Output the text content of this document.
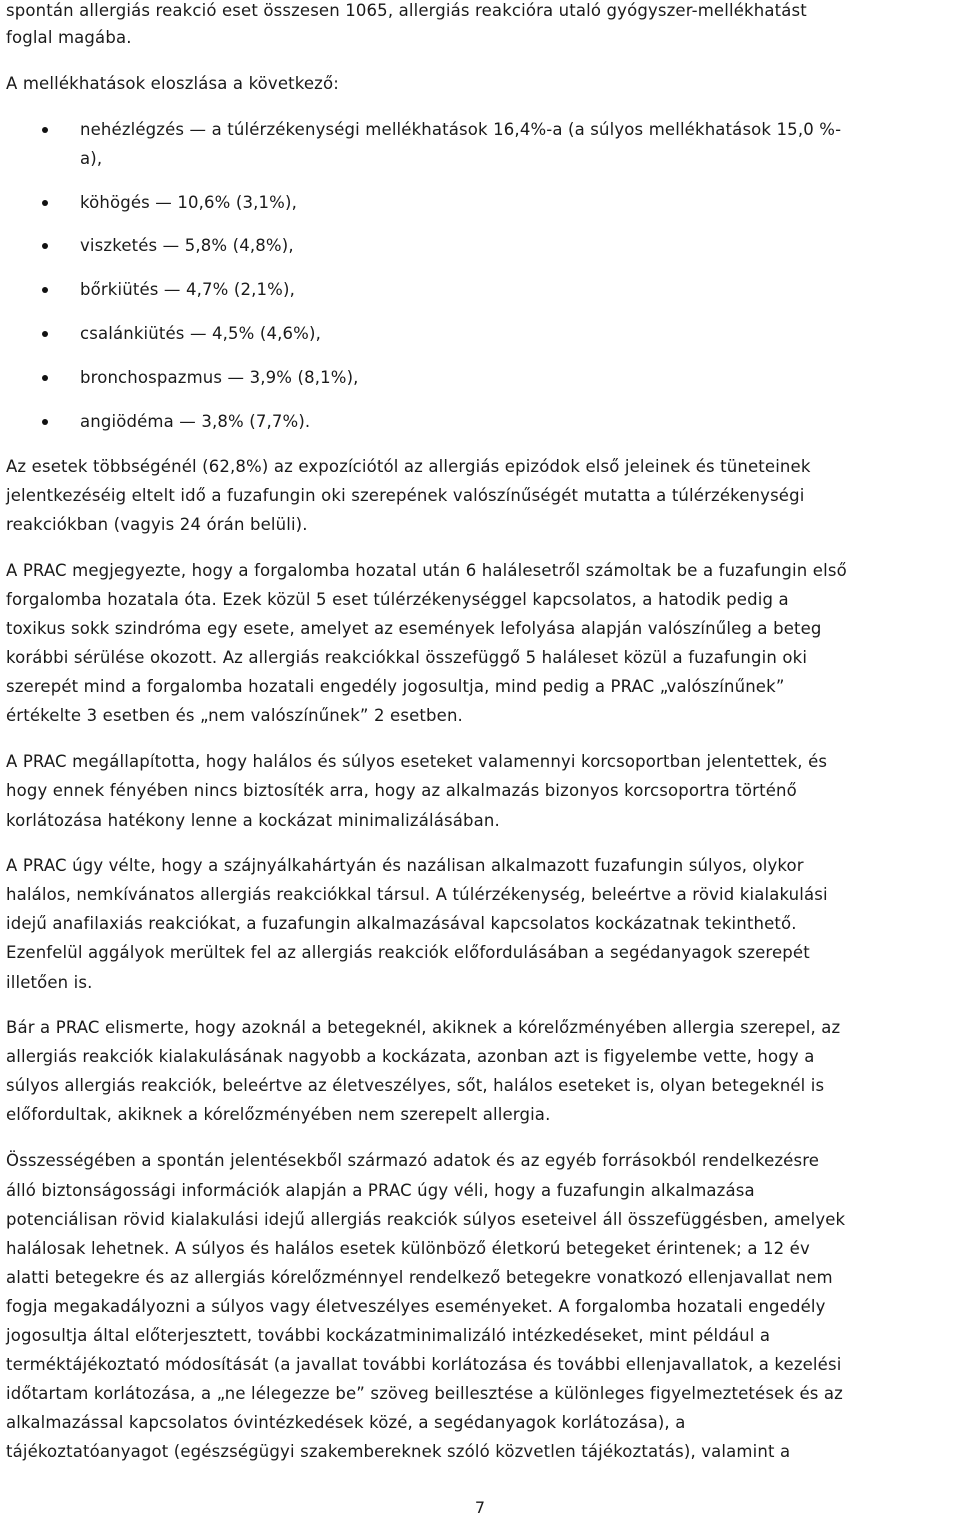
spontán allergiás reakció eset összesen 1065, allergiás reakcióra utaló gyógyszer-mellékhatást
foglal magába.
A mellékhatások eloszlása a következő:
nehézlégzés — a túlérzékenységi mellékhatások 16,4%-a (a súlyos mellékhatások 15,0 %-
a),
köhögés — 10,6% (3,1%),
viszketés — 5,8% (4,8%),
bőrkiütés — 4,7% (2,1%),
csalánkiütés — 4,5% (4,6%),
bronchospazmus — 3,9% (8,1%),
angiödéma — 3,8% (7,7%).
Az esetek többségénél (62,8%) az expozíciótól az allergiás epizódok első jeleinek és tüneteinek
jelentkezéséig eltelt idő a fuzafungin oki szerepének valószínűségét mutatta a túlérzékenységi
reakciókban (vagyis 24 órán belüli).
A PRAC megjegyezte, hogy a forgalomba hozatal után 6 halálesetről számoltak be a fuzafungin első
forgalomba hozatala óta. Ezek közül 5 eset túlérzékenységgel kapcsolatos, a hatodik pedig a
toxikus sokk szindróma egy esete, amelyet az események lefolyása alapján valószínűleg a beteg
korábbi sérülése okozott. Az allergiás reakciókkal összefüggő 5 haláleset közül a fuzafungin oki
szerepét mind a forgalomba hozatali engedély jogosultja, mind pedig a PRAC „valószínűnek”
értékelte 3 esetben és „nem valószínűnek” 2 esetben.
A PRAC megállapította, hogy halálos és súlyos eseteket valamennyi korcsoportban jelentettek, és
hogy ennek fényében nincs biztosíték arra, hogy az alkalmazás bizonyos korcsoportra történő
korlátozása hatékony lenne a kockázat minimalizálásában.
A PRAC úgy vélte, hogy a szájnyálkahártyán és nazálisan alkalmazott fuzafungin súlyos, olykor
halálos, nemkívánatos allergiás reakciókkal társul. A túlérzékenység, beleértve a rövid kialakulási
idejű anafilaxiás reakciókat, a fuzafungin alkalmazásával kapcsolatos kockázatnak tekinthető.
Ezenfelül aggályok merültek fel az allergiás reakciók előfordulásában a segédanyagok szerepét
illetően is.
Bár a PRAC elismerte, hogy azoknál a betegeknél, akiknek a kórelőzményében allergia szerepel, az
allergiás reakciók kialakulásának nagyobb a kockázata, azonban azt is figyelembe vette, hogy a
súlyos allergiás reakciók, beleértve az életveszélyes, sőt, halálos eseteket is, olyan betegeknél is
előfordultak, akiknek a kórelőzményében nem szerepelt allergia.
Összességében a spontán jelentésekből származó adatok és az egyéb forrásokból rendelkezésre
álló biztonságossági információk alapján a PRAC úgy véli, hogy a fuzafungin alkalmazása
potenciálisan rövid kialakulási idejű allergiás reakciók súlyos eseteivel áll összefüggésben, amelyek
halálosak lehetnek. A súlyos és halálos esetek különböző életkorú betegeket érintenek; a 12 év
alatti betegekre és az allergiás kórelőzménnyel rendelkező betegekre vonatkozó ellenjavallat nem
fogja megakadályozni a súlyos vagy életveszélyes eseményeket. A forgalomba hozatali engedély
jogosultja által előterjesztett, további kockázatminimalizáló intézkedéseket, mint például a
terméktájékoztató módosítását (a javallat további korlátozása és további ellenjavallatok, a kezelési
időtartam korlátozása, a „ne lélegezze be” szöveg beillesztése a különleges figyelmeztetések és az
alkalmazással kapcsolatos óvintézkedések közé, a segédanyagok korlátozása), a
tájékoztatóanyagot (egészségügyi szakembereknek szóló közvetlen tájékoztatás), valamint a
7
